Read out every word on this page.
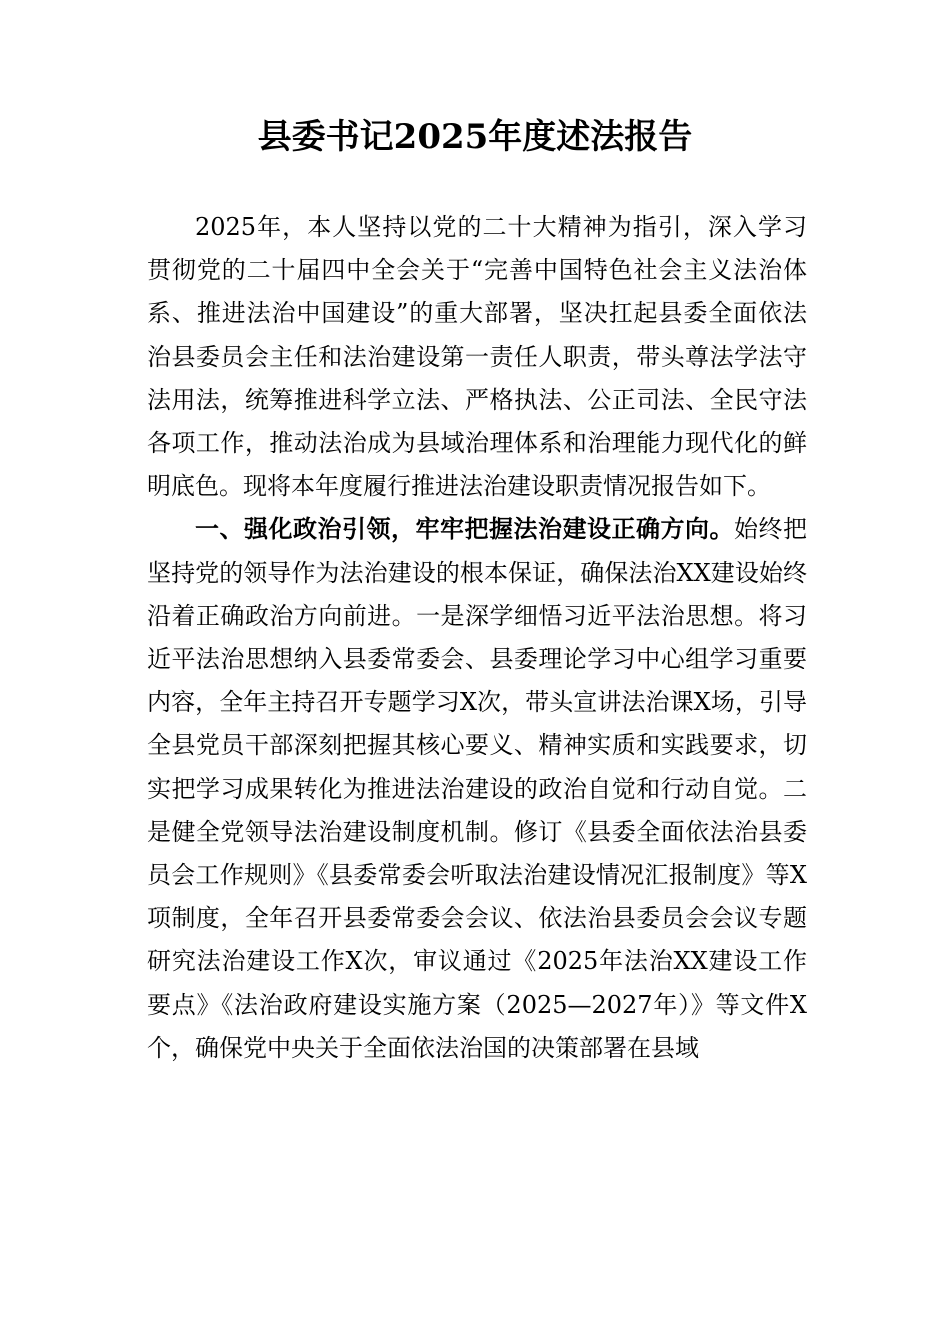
县委书记2025年度述法报告

2025年，本人坚持以党的二十大精神为指引，深入学习贯彻党的二十届四中全会关于“完善中国特色社会主义法治体系、推进法治中国建设”的重大部署，坚决扛起县委全面依法治县委员会主任和法治建设第一责任人职责，带头尊法学法守法用法，统筹推进科学立法、严格执法、公正司法、全民守法各项工作，推动法治成为县域治理体系和治理能力现代化的鲜明底色。现将本年度履行推进法治建设职责情况报告如下。

一、强化政治引领，牢牢把握法治建设正确方向。始终把坚持党的领导作为法治建设的根本保证，确保法治XX建设始终沿着正确政治方向前进。一是深学细悟习近平法治思想。将习近平法治思想纳入县委常委会、县委理论学习中心组学习重要内容，全年主持召开专题学习X次，带头宣讲法治课X场，引导全县党员干部深刻把握其核心要义、精神实质和实践要求，切实把学习成果转化为推进法治建设的政治自觉和行动自觉。二是健全党领导法治建设制度机制。修订《县委全面依法治县委员会工作规则》《县委常委会听取法治建设情况汇报制度》等X项制度，全年召开县委常委会会议、依法治县委员会会议专题研究法治建设工作X次，审议通过《2025年法治XX建设工作要点》《法治政府建设实施方案（2025—2027年）》等文件X个，确保党中央关于全面依法治国的决策部署在县域
